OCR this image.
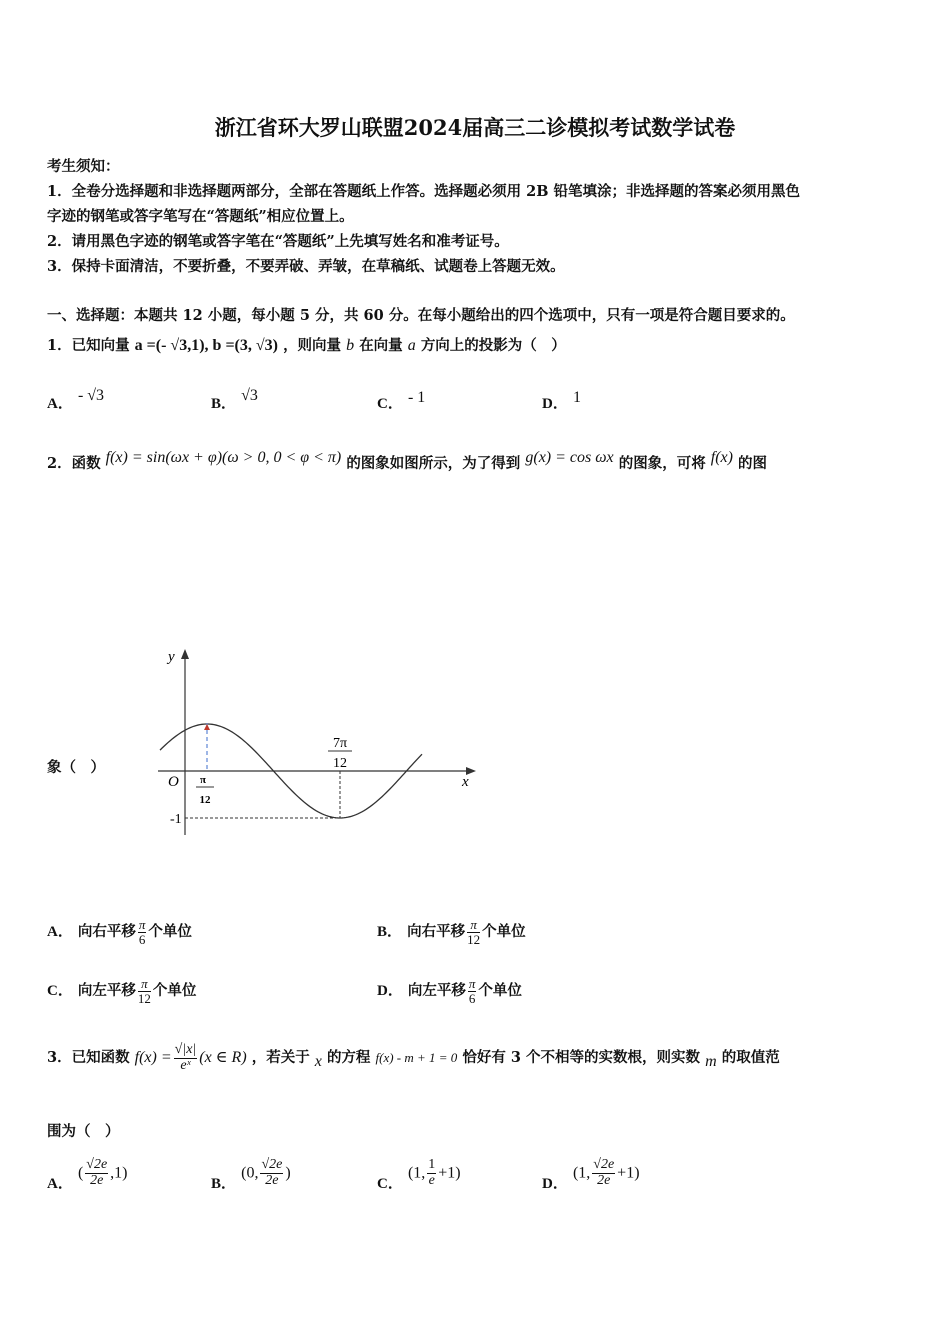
浙江省环大罗山联盟2024届高三二诊模拟考试数学试卷
考生须知：
1．全卷分选择题和非选择题两部分，全部在答题纸上作答。选择题必须用 2B 铅笔填涂；非选择题的答案必须用黑色
字迹的钢笔或答字笔写在“答题纸”相应位置上。
2．请用黑色字迹的钢笔或答字笔在“答题纸”上先填写姓名和准考证号。
3．保持卡面清洁，不要折叠，不要弄破、弄皱，在草稿纸、试题卷上答题无效。
一、选择题：本题共 12 小题，每小题 5 分，共 60 分。在每小题给出的四个选项中，只有一项是符合题目要求的。
1．已知向量 a =(- √3,1), b =(3, √3) ，则向量 b 在向量 a 方向上的投影为（　）
A． - √3	B． √3	C． - 1	D． 1
2．函数 f(x) = sin(ωx + φ)(ω > 0, 0 < φ < π) 的图象如图所示，为了得到 g(x) = cos ωx 的图象，可将 f(x) 的图
象（　）
y
x
O π
12
7π
12
-1
A． 向右平移 $\frac{\pi}{6}$ 个单位	B． 向右平移 $\frac{\pi}{12}$ 个单位
C． 向左平移 $\frac{\pi}{12}$ 个单位	D． 向左平移 $\frac{\pi}{6}$ 个单位
3．已知函数 $f(x) = \frac{√|x|}{\text{eˣ}} (x$ ∈ R) ，若关于 x 的方程 f(x) - m + 1 = 0 恰好有 3 个不相等的实数根，则实数 m 的取值范
围为（　）
A． ( $\frac{√2e}{2e} ,1$)
B． (0, $\frac{√2e}{2e}$ )
C． (1, $\frac{1}{e} +1$)
D． (1, $\frac{√2e}{2e} +1$)
